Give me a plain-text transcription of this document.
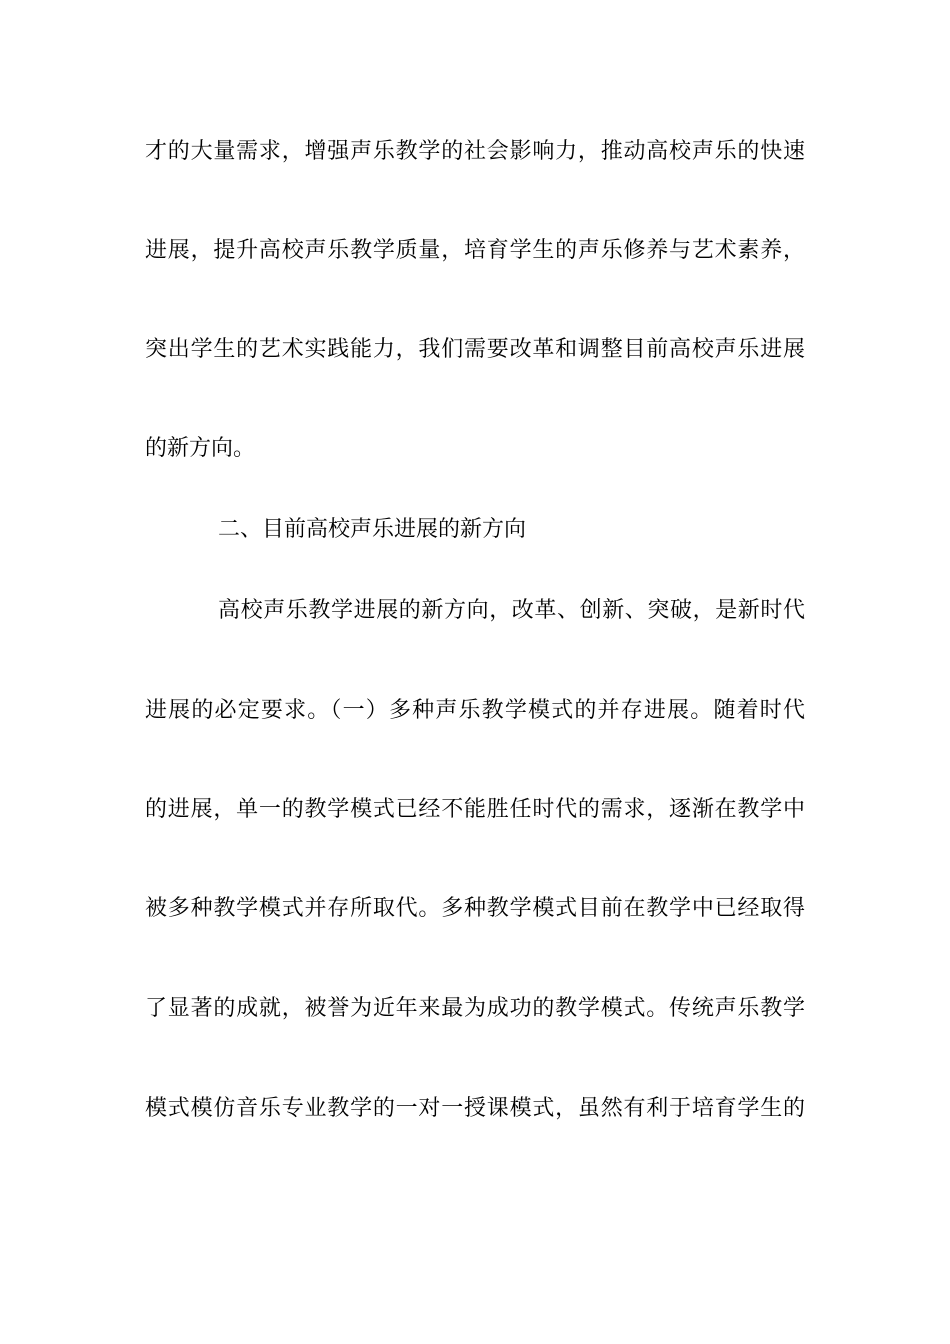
才的大量需求，增强声乐教学的社会影响力，推动高校声乐的快速
进展，提升高校声乐教学质量，培育学生的声乐修养与艺术素养，
突出学生的艺术实践能力，我们需要改革和调整目前高校声乐进展
的新方向。
二、目前高校声乐进展的新方向
高校声乐教学进展的新方向，改革、创新、突破，是新时代
进展的必定要求。（一）多种声乐教学模式的并存进展。随着时代
的进展，单一的教学模式已经不能胜任时代的需求，逐渐在教学中
被多种教学模式并存所取代。多种教学模式目前在教学中已经取得
了显著的成就，被誉为近年来最为成功的教学模式。传统声乐教学
模式模仿音乐专业教学的一对一授课模式，虽然有利于培育学生的
